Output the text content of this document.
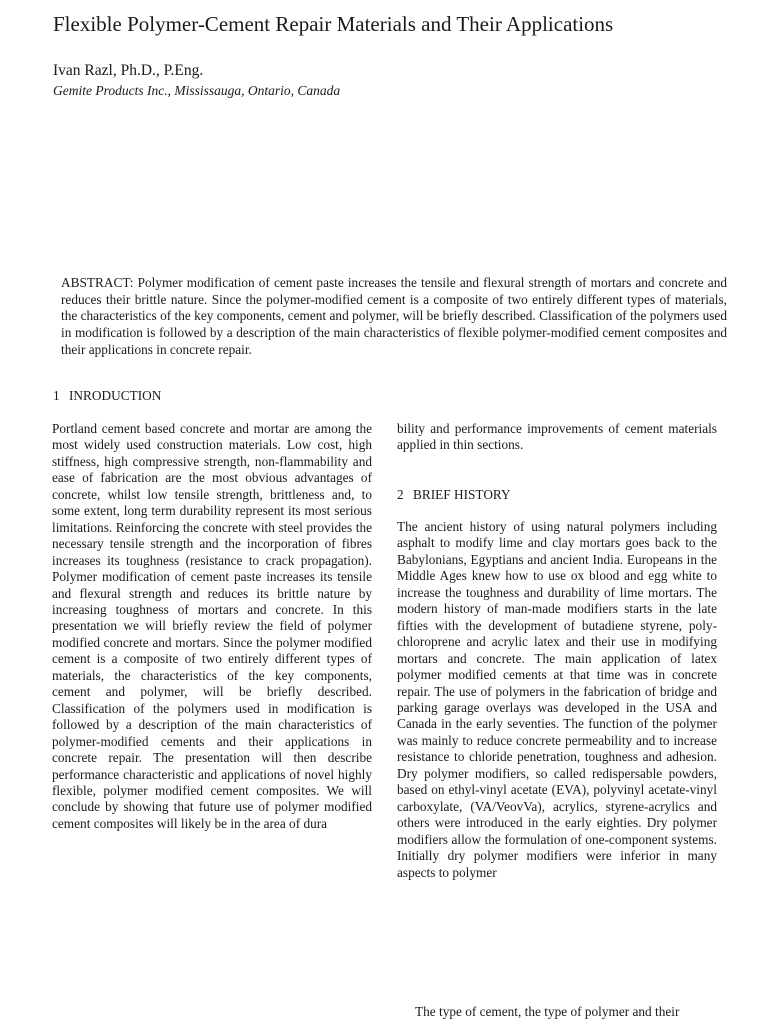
Flexible Polymer-Cement Repair Materials and Their Applications
Ivan Razl, Ph.D., P.Eng.
Gemite Products Inc., Mississauga, Ontario, Canada

ABSTRACT: Polymer modification of cement paste increases the tensile and flexural strength of mortars and concrete and reduces their brittle nature. Since the polymer-modified cement is a composite of two entirely different types of materials, the characteristics of the key components, cement and polymer, will be briefly described. Classification of the polymers used in modification is followed by a description of the main characteristics of flexible polymer-modified cement composites and their applications in concrete repair.

1 INRODUCTION

Portland cement based concrete and mortar are among the most widely used construction materials. Low cost, high stiffness, high compressive strength, non-flammability and ease of fabrication are the most obvious advantages of concrete, whilst low tensile strength, brittleness and, to some extent, long term durability represent its most serious limitations. Reinforcing the concrete with steel provides the necessary tensile strength and the incorporation of fibres increases its toughness (resistance to crack propagation). Polymer modification of cement paste increases its tensile and flexural strength and reduces its brittle nature by increasing toughness of mortars and concrete. In this presentation we will briefly review the field of polymer modified concrete and mortars. Since the polymer modified cement is a composite of two entirely different types of materials, the characteristics of the key components, cement and polymer, will be briefly described. Classification of the polymers used in modification is followed by a description of the main characteristics of polymer-modified cements and their applications in concrete repair. The presentation will then describe performance characteristic and applications of novel highly flexible, polymer modified cement composites. We will conclude by showing that future use of polymer modified cement composites will likely be in the area of dura

bility and performance improvements of cement materials applied in thin sections.

2 BRIEF HISTORY

The ancient history of using natural polymers including asphalt to modify lime and clay mortars goes back to the Babylonians, Egyptians and ancient India. Europeans in the Middle Ages knew how to use ox blood and egg white to increase the toughness and durability of lime mortars. The modern history of man-made modifiers starts in the late fifties with the development of butadiene styrene, polychloroprene and acrylic latex and their use in modifying mortars and concrete. The main application of latex polymer modified cements at that time was in concrete repair. The use of polymers in the fabrication of bridge and parking garage overlays was developed in the USA and Canada in the early seventies. The function of the polymer was mainly to reduce concrete permeability and to increase resistance to chloride penetration, toughness and adhesion. Dry polymer modifiers, so called redispersable powders, based on ethyl-vinyl acetate (EVA), polyvinyl acetate-vinyl carboxylate, (VA/VeovVa), acrylics, styrene-acrylics and others were introduced in the early eighties. Dry polymer modifiers allow the formulation of one-component systems. Initially dry polymer modifiers were inferior in many aspects to polymer

The type of cement, the type of polymer and their
